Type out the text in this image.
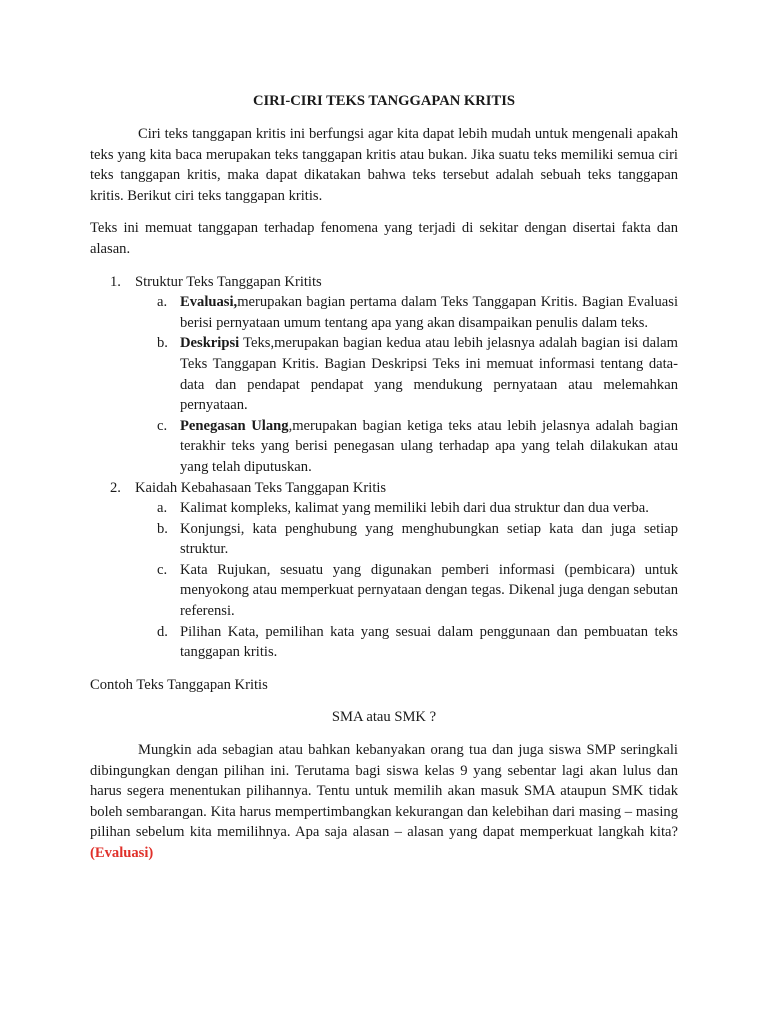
CIRI-CIRI TEKS TANGGAPAN KRITIS

Ciri teks tanggapan kritis ini berfungsi agar kita dapat lebih mudah untuk mengenali apakah teks yang kita baca merupakan teks tanggapan kritis atau bukan. Jika suatu teks memiliki semua ciri teks tanggapan kritis, maka dapat dikatakan bahwa teks tersebut adalah sebuah teks tanggapan kritis. Berikut ciri teks tanggapan kritis.

Teks ini memuat tanggapan terhadap fenomena yang terjadi di sekitar dengan disertai fakta dan alasan.

1. Struktur Teks Tanggapan Kritits
a. Evaluasi,merupakan bagian pertama dalam Teks Tanggapan Kritis. Bagian Evaluasi berisi pernyataan umum tentang apa yang akan disampaikan penulis dalam teks.
b. Deskripsi Teks,merupakan bagian kedua atau lebih jelasnya adalah bagian isi dalam Teks Tanggapan Kritis. Bagian Deskripsi Teks ini memuat informasi tentang data-data dan pendapat pendapat yang mendukung pernyataan atau melemahkan pernyataan.
c. Penegasan Ulang,merupakan bagian ketiga teks atau lebih jelasnya adalah bagian terakhir teks yang berisi penegasan ulang terhadap apa yang telah dilakukan atau yang telah diputuskan.
2. Kaidah Kebahasaan Teks Tanggapan Kritis
a. Kalimat kompleks, kalimat yang memiliki lebih dari dua struktur dan dua verba.
b. Konjungsi, kata penghubung yang menghubungkan setiap kata dan juga setiap struktur.
c. Kata Rujukan, sesuatu yang digunakan pemberi informasi (pembicara) untuk menyokong atau memperkuat pernyataan dengan tegas. Dikenal juga dengan sebutan referensi.
d. Pilihan Kata, pemilihan kata yang sesuai dalam penggunaan dan pembuatan teks tanggapan kritis.

Contoh Teks Tanggapan Kritis

SMA atau SMK ?

Mungkin ada sebagian atau bahkan kebanyakan orang tua dan juga siswa SMP seringkali dibingungkan dengan pilihan ini. Terutama bagi siswa kelas 9 yang sebentar lagi akan lulus dan harus segera menentukan pilihannya. Tentu untuk memilih akan masuk SMA ataupun SMK tidak boleh sembarangan. Kita harus mempertimbangkan kekurangan dan kelebihan dari masing – masing pilihan sebelum kita memilihnya. Apa saja alasan – alasan yang dapat memperkuat langkah kita? (Evaluasi)
